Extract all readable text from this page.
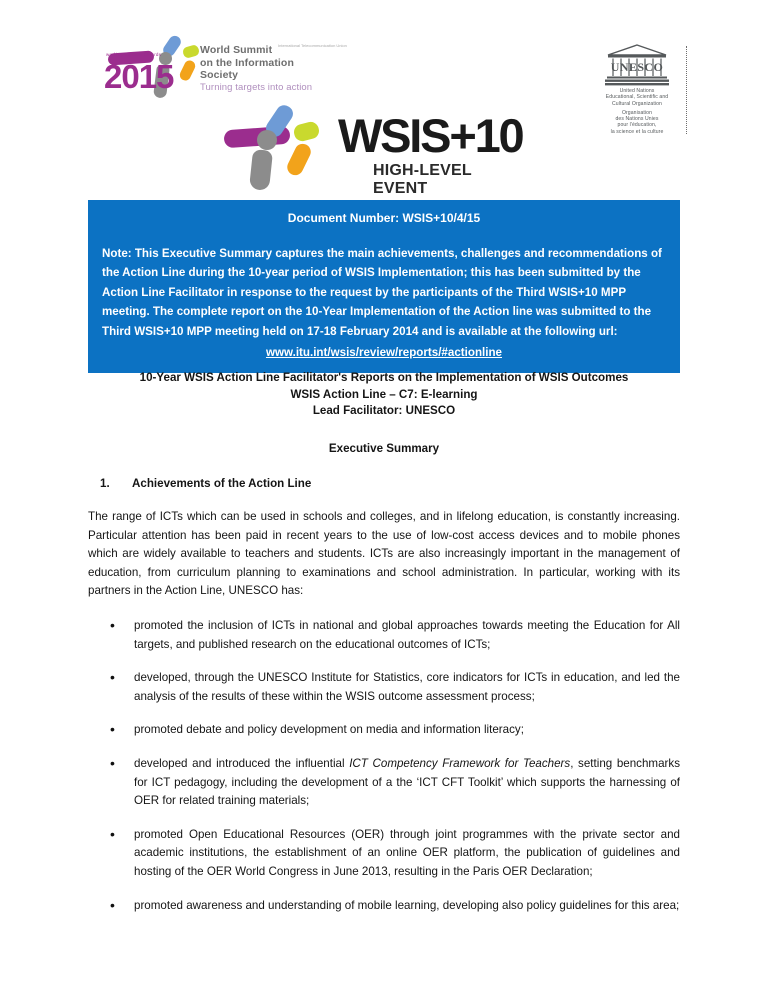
working together towards
2015
World Summit
on the Information Society
Turning targets into action
International Telecommunication Union
WSIS+10
HIGH-LEVEL EVENT
UNESCO
United Nations
Educational, Scientific and
Cultural Organization
Organisation
des Nations Unies
pour l'éducation,
la science et la culture
Document Number: WSIS+10/4/15
Note: This Executive Summary captures the main achievements, challenges and recommendations of the Action Line during the 10-year period of WSIS Implementation; this has been submitted by the Action Line Facilitator in response to the request by the participants of the Third WSIS+10 MPP meeting. The complete report on the 10-Year Implementation of the Action line was submitted to the Third WSIS+10 MPP meeting held on 17-18 February 2014 and is available at the following url:
www.itu.int/wsis/review/reports/#actionline
10-Year WSIS Action Line Facilitator's Reports on the Implementation of WSIS Outcomes
WSIS Action Line – C7: E-learning
Lead Facilitator: UNESCO
Executive Summary
1.	Achievements of the Action Line
The range of ICTs which can be used in schools and colleges, and in lifelong education, is constantly increasing. Particular attention has been paid in recent years to the use of low-cost access devices and to mobile phones which are widely available to teachers and students. ICTs are also increasingly important in the management of education, from curriculum planning to examinations and school administration. In particular, working with its partners in the Action Line, UNESCO has:
• promoted the inclusion of ICTs in national and global approaches towards meeting the Education for All targets, and published research on the educational outcomes of ICTs;
• developed, through the UNESCO Institute for Statistics, core indicators for ICTs in education, and led the analysis of the results of these within the WSIS outcome assessment process;
• promoted debate and policy development on media and information literacy;
• developed and introduced the influential ICT Competency Framework for Teachers, setting benchmarks for ICT pedagogy, including the development of a the ‘ICT CFT Toolkit’ which supports the harnessing of OER for related training materials;
• promoted Open Educational Resources (OER) through joint programmes with the private sector and academic institutions, the establishment of an online OER platform, the publication of guidelines and hosting of the OER World Congress in June 2013, resulting in the Paris OER Declaration;
• promoted awareness and understanding of mobile learning, developing also policy guidelines for this area;
